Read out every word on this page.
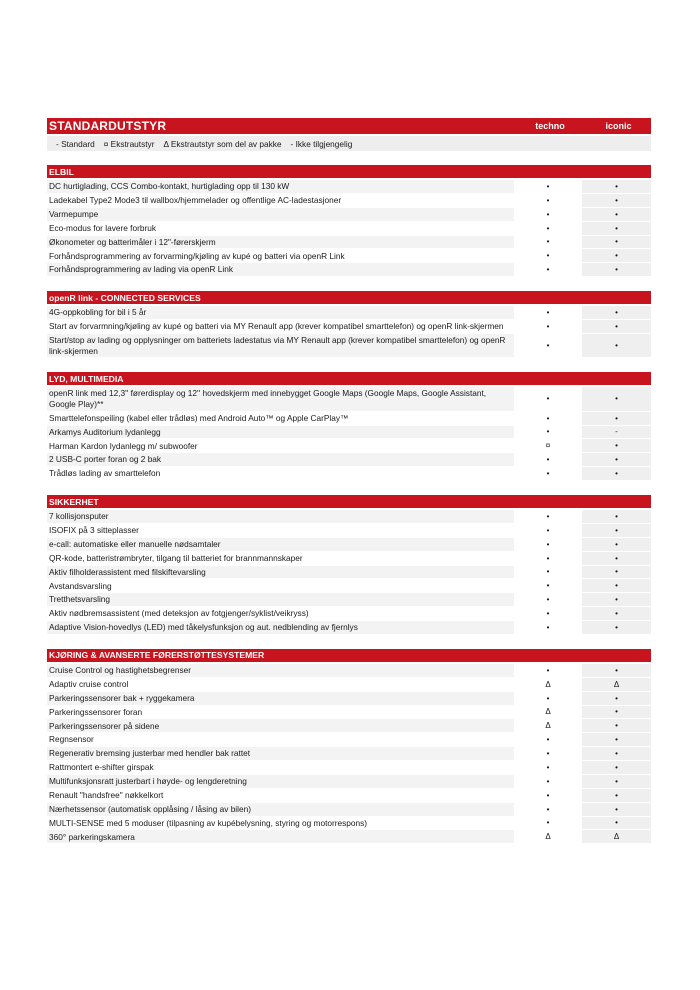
STANDARDUTSTYR	techno	iconic
- Standard ¤ Ekstrautstyr Δ Ekstrautstyr som del av pakke - Ikke tilgjengelig
ELBIL
DC hurtiglading, CCS Combo-kontakt, hurtiglading opp til 130 kW	•	•
Ladekabel Type2 Mode3 til wallbox/hjemmelader og offentlige AC-ladestasjoner	•	•
Varmepumpe	•	•
Eco-modus for lavere forbruk	•	•
Økonometer og batterimåler i 12"-førerskjerm	•	•
Forhåndsprogrammering av forvarming/kjøling av kupé og batteri via openR Link	•	•
Forhåndsprogrammering av lading via openR Link	•	•
openR link - CONNECTED SERVICES
4G-oppkobling for bil i 5 år	•	•
Start av forvarmning/kjøling av kupé og batteri via MY Renault app (krever kompatibel smarttelefon) og openR link-skjermen	•	•
Start/stop av lading og opplysninger om batteriets ladestatus via MY Renault app (krever kompatibel smarttelefon) og openR link-skjermen	•	•
LYD, MULTIMEDIA
openR link med 12,3'' førerdisplay og 12'' hovedskjerm med innebygget Google Maps (Google Maps, Google Assistant, Google Play)**	•	•
Smarttelefonspeiling (kabel eller trådløs) med Android Auto™ og Apple CarPlay™	•	•
Arkamys Auditorium lydanlegg	•	-
Harman Kardon lydanlegg m/ subwoofer	¤	•
2 USB-C porter foran og 2 bak	•	•
Trådløs lading av smarttelefon	•	•
SIKKERHET
7 kollisjonsputer	•	•
ISOFIX på 3 sitteplasser	•	•
e-call: automatiske eller manuelle nødsamtaler	•	•
QR-kode, batteristrømbryter, tilgang til batteriet for brannmannskaper	•	•
Aktiv filholderassistent med filskiftevarsling	•	•
Avstandsvarsling	•	•
Tretthetsvarsling	•	•
Aktiv nødbremsassistent (med deteksjon av fotgjenger/syklist/veikryss)	•	•
Adaptive Vision-hovedlys (LED) med tåkelysfunksjon og aut. nedblending av fjernlys	•	•
KJØRING & AVANSERTE FØRERSTØTTESYSTEMER
Cruise Control og hastighetsbegrenser	•	•
Adaptiv cruise control	Δ	Δ
Parkeringssensorer bak + ryggekamera	•	•
Parkeringssensorer foran	Δ	•
Parkeringssensorer på sidene	Δ	•
Regnsensor	•	•
Regenerativ bremsing justerbar med hendler bak rattet	•	•
Rattmontert e-shifter girspak	•	•
Multifunksjonsratt justerbart i høyde- og lengderetning	•	•
Renault "handsfree" nøkkelkort	•	•
Nærhetssensor (automatisk opplåsing / låsing av bilen)	•	•
MULTI-SENSE med 5 moduser (tilpasning av kupébelysning, styring og motorrespons)	•	•
360° parkeringskamera	Δ	Δ
